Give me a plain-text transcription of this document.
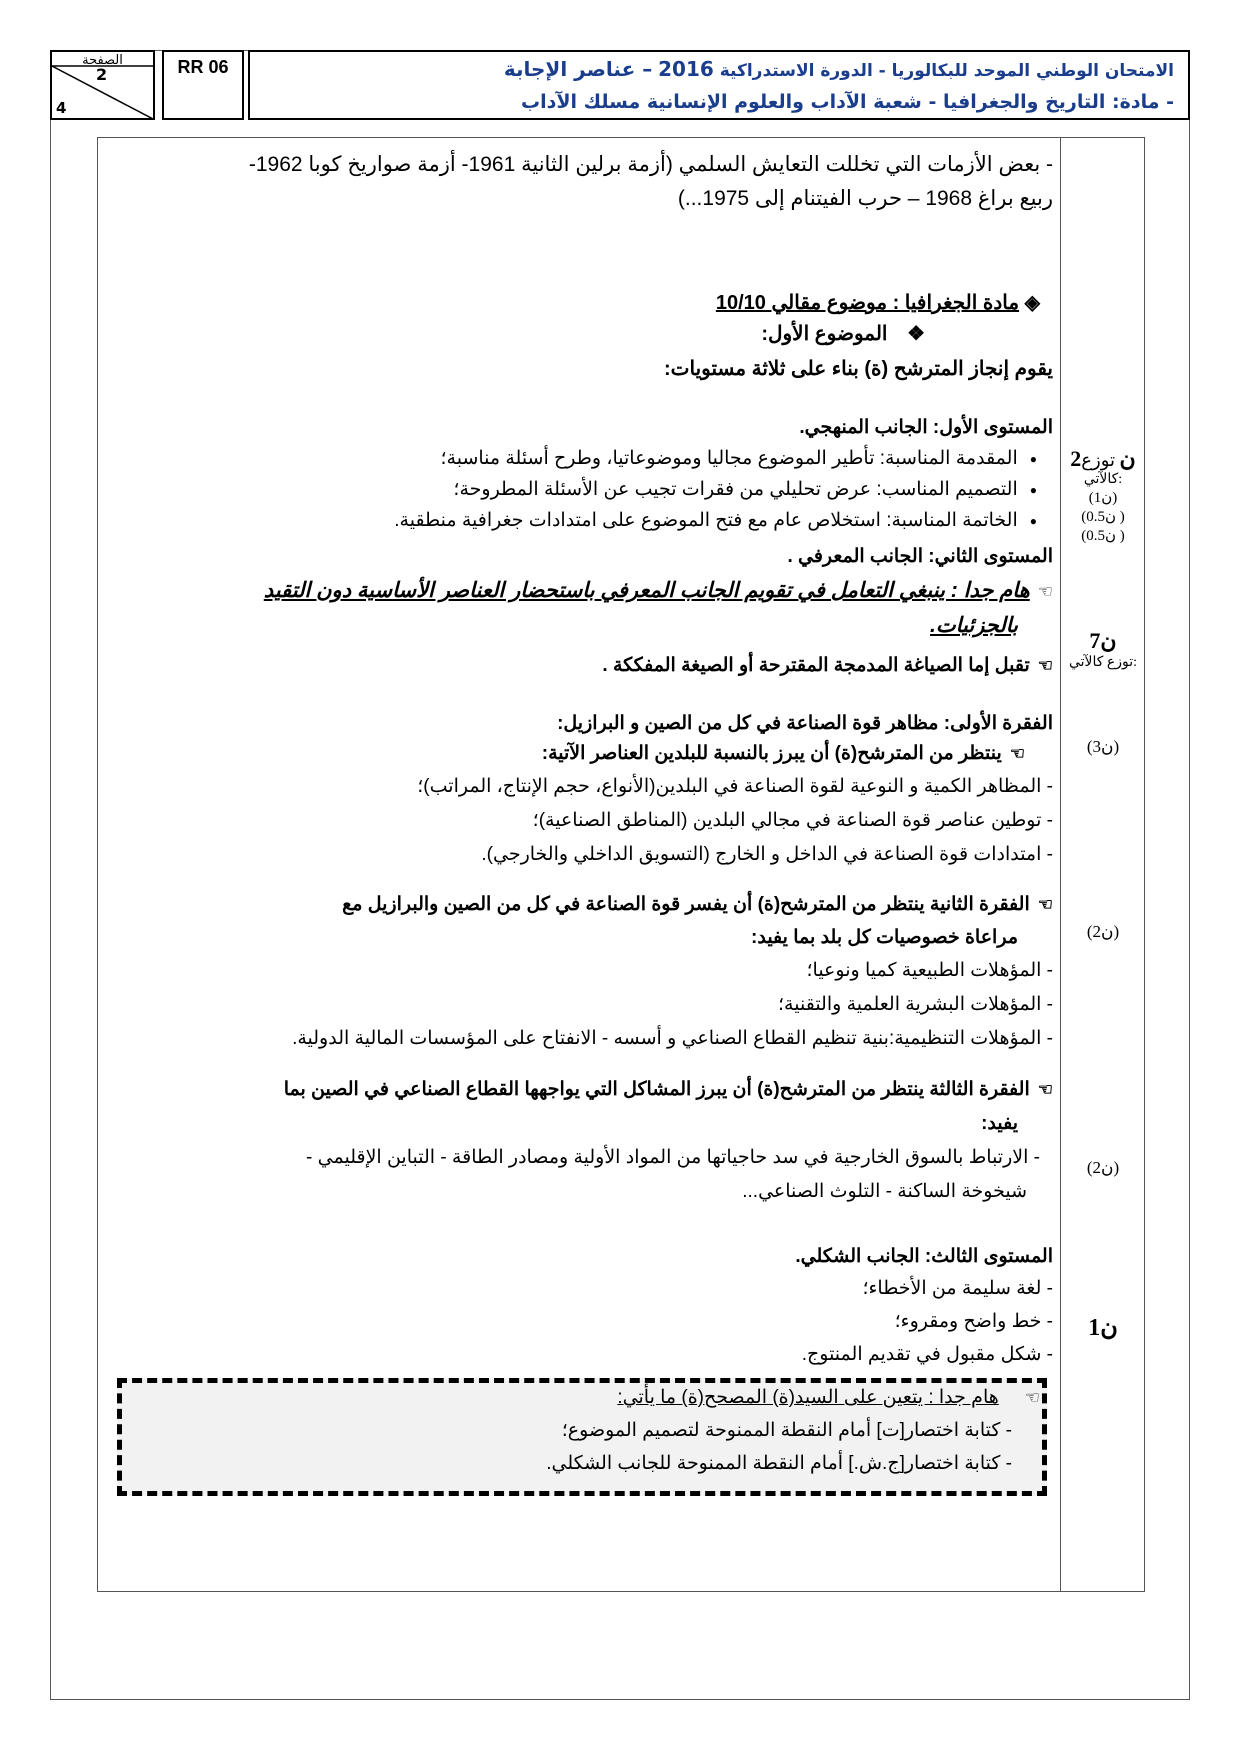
الصفحة
2
4
RR 06	الامتحان الوطني الموحد للبكالوريا - الدورة الاستدراكية 2016 – عناصر الإجابة
- مادة: التاريخ والجغرافيا - شعبة الآداب والعلوم الإنسانية مسلك الآداب
2ن توزع
كالآتي:
(1ن)
(0.5ن )
(0.5ن )
7ن
توزع كالآتي:
(3ن)
(2ن)
(2ن)
1ن
- بعض الأزمات التي تخللت التعايش السلمي (أزمة برلين الثانية 1961- أزمة صواريخ كوبا 1962-
ربيع براغ 1968 – حرب الفيتنام إلى 1975...)
◈ مادة الجغرافيا : موضوع مقالي 10/10
❖ الموضوع الأول:
يقوم إنجاز المترشح (ة) بناء على ثلاثة مستويات:
المستوى الأول: الجانب المنهجي.
● المقدمة المناسبة: تأطير الموضوع مجاليا وموضوعاتيا، وطرح أسئلة مناسبة؛
● التصميم المناسب: عرض تحليلي من فقرات تجيب عن الأسئلة المطروحة؛
● الخاتمة المناسبة: استخلاص عام مع فتح الموضوع على امتدادات جغرافية منطقية.
المستوى الثاني: الجانب المعرفي .
☜هام جدا : ينبغي التعامل في تقويم الجانب المعرفي باستحضار العناصر الأساسية دون التقيد
بالجزئيات.
☜تقبل إما الصياغة المدمجة المقترحة أو الصيغة المفككة .
الفقرة الأولى: مظاهر قوة الصناعة في كل من الصين و البرازيل:
☜ينتظر من المترشح(ة) أن يبرز بالنسبة للبلدين العناصر الآتية:
- المظاهر الكمية و النوعية لقوة الصناعة في البلدين(الأنواع، حجم الإنتاج، المراتب)؛
- توطين عناصر قوة الصناعة في مجالي البلدين (المناطق الصناعية)؛
- امتدادات قوة الصناعة في الداخل و الخارج (التسويق الداخلي والخارجي).
☜الفقرة الثانية ينتظر من المترشح(ة) أن يفسر قوة الصناعة في كل من الصين والبرازيل مع
مراعاة خصوصيات كل بلد بما يفيد:
- المؤهلات الطبيعية كميا ونوعيا؛
- المؤهلات البشرية العلمية والتقنية؛
- المؤهلات التنظيمية:بنية تنظيم القطاع الصناعي و أسسه - الانفتاح على المؤسسات المالية الدولية.
☜الفقرة الثالثة ينتظر من المترشح(ة) أن يبرز المشاكل التي يواجهها القطاع الصناعي في الصين بما
يفيد:
- الارتباط بالسوق الخارجية في سد حاجياتها من المواد الأولية ومصادر الطاقة - التباين الإقليمي -
شيخوخة الساكنة - التلوث الصناعي...
المستوى الثالث: الجانب الشكلي.
- لغة سليمة من الأخطاء؛
- خط واضح ومقروء؛
- شكل مقبول في تقديم المنتوج.
☜هام جدا : يتعين على السيد(ة) المصحح(ة) ما يأتي:
- كتابة اختصار[ت] أمام النقطة الممنوحة لتصميم الموضوع؛
- كتابة اختصار[ج.ش.] أمام النقطة الممنوحة للجانب الشكلي.
